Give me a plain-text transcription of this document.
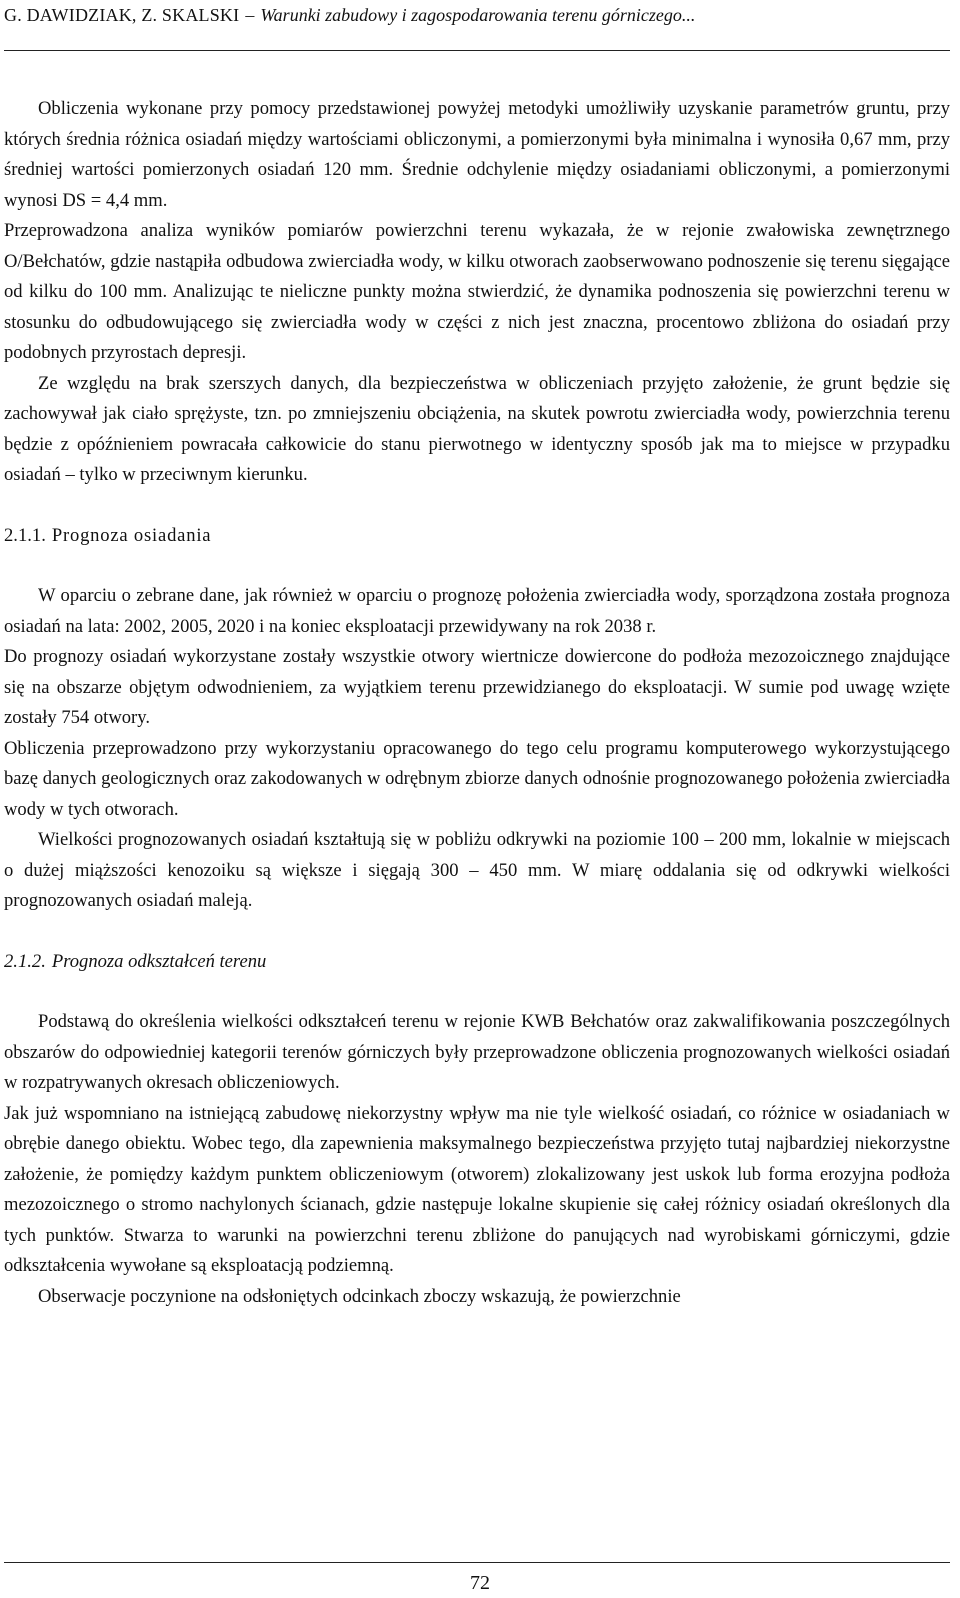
G. DAWIDZIAK, Z. SKALSKI – Warunki zabudowy i zagospodarowania terenu górniczego...

Obliczenia wykonane przy pomocy przedstawionej powyżej metodyki umożliwiły uzyskanie parametrów gruntu, przy których średnia różnica osiadań między wartościami obliczonymi, a pomierzonymi była minimalna i wynosiła 0,67 mm, przy średniej wartości pomierzonych osiadań 120 mm. Średnie odchylenie między osiadaniami obliczonymi, a pomierzonymi wynosi DS = 4,4 mm.

Przeprowadzona analiza wyników pomiarów powierzchni terenu wykazała, że w rejonie zwałowiska zewnętrznego O/Bełchatów, gdzie nastąpiła odbudowa zwierciadła wody, w kilku otworach zaobserwowano podnoszenie się terenu sięgające od kilku do 100 mm. Analizując te nieliczne punkty można stwierdzić, że dynamika podnoszenia się powierzchni terenu w stosunku do odbudowującego się zwierciadła wody w części z nich jest znaczna, procentowo zbliżona do osiadań przy podobnych przyrostach depresji.

Ze względu na brak szerszych danych, dla bezpieczeństwa w obliczeniach przyjęto założenie, że grunt będzie się zachowywał jak ciało sprężyste, tzn. po zmniejszeniu obciążenia, na skutek powrotu zwierciadła wody, powierzchnia terenu będzie z opóźnieniem powracała całkowicie do stanu pierwotnego w identyczny sposób jak ma to miejsce w przypadku osiadań – tylko w przeciwnym kierunku.

2.1.1. Prognoza osiadania

W oparciu o zebrane dane, jak również w oparciu o prognozę położenia zwierciadła wody, sporządzona została prognoza osiadań na lata: 2002, 2005, 2020 i na koniec eksploatacji przewidywany na rok 2038 r.

Do prognozy osiadań wykorzystane zostały wszystkie otwory wiertnicze dowiercone do podłoża mezozoicznego znajdujące się na obszarze objętym odwodnieniem, za wyjątkiem terenu przewidzianego do eksploatacji. W sumie pod uwagę wzięte zostały 754 otwory.

Obliczenia przeprowadzono przy wykorzystaniu opracowanego do tego celu programu komputerowego wykorzystującego bazę danych geologicznych oraz zakodowanych w odrębnym zbiorze danych odnośnie prognozowanego położenia zwierciadła wody w tych otworach.

Wielkości prognozowanych osiadań kształtują się w pobliżu odkrywki na poziomie 100 – 200 mm, lokalnie w miejscach o dużej miąższości kenozoiku są większe i sięgają 300 – 450 mm. W miarę oddalania się od odkrywki wielkości prognozowanych osiadań maleją.

2.1.2. Prognoza odkształceń terenu

Podstawą do określenia wielkości odkształceń terenu w rejonie KWB Bełchatów oraz zakwalifikowania poszczególnych obszarów do odpowiedniej kategorii terenów górniczych były przeprowadzone obliczenia prognozowanych wielkości osiadań w rozpatrywanych okresach obliczeniowych.

Jak już wspomniano na istniejącą zabudowę niekorzystny wpływ ma nie tyle wielkość osiadań, co różnice w osiadaniach w obrębie danego obiektu. Wobec tego, dla zapewnienia maksymalnego bezpieczeństwa przyjęto tutaj najbardziej niekorzystne założenie, że pomiędzy każdym punktem obliczeniowym (otworem) zlokalizowany jest uskok lub forma erozyjna podłoża mezozoicznego o stromo nachylonych ścianach, gdzie następuje lokalne skupienie się całej różnicy osiadań określonych dla tych punktów. Stwarza to warunki na powierzchni terenu zbliżone do panujących nad wyrobiskami górniczymi, gdzie odkształcenia wywołane są eksploatacją podziemną.

Obserwacje poczynione na odsłoniętych odcinkach zboczy wskazują, że powierzchnie

72
